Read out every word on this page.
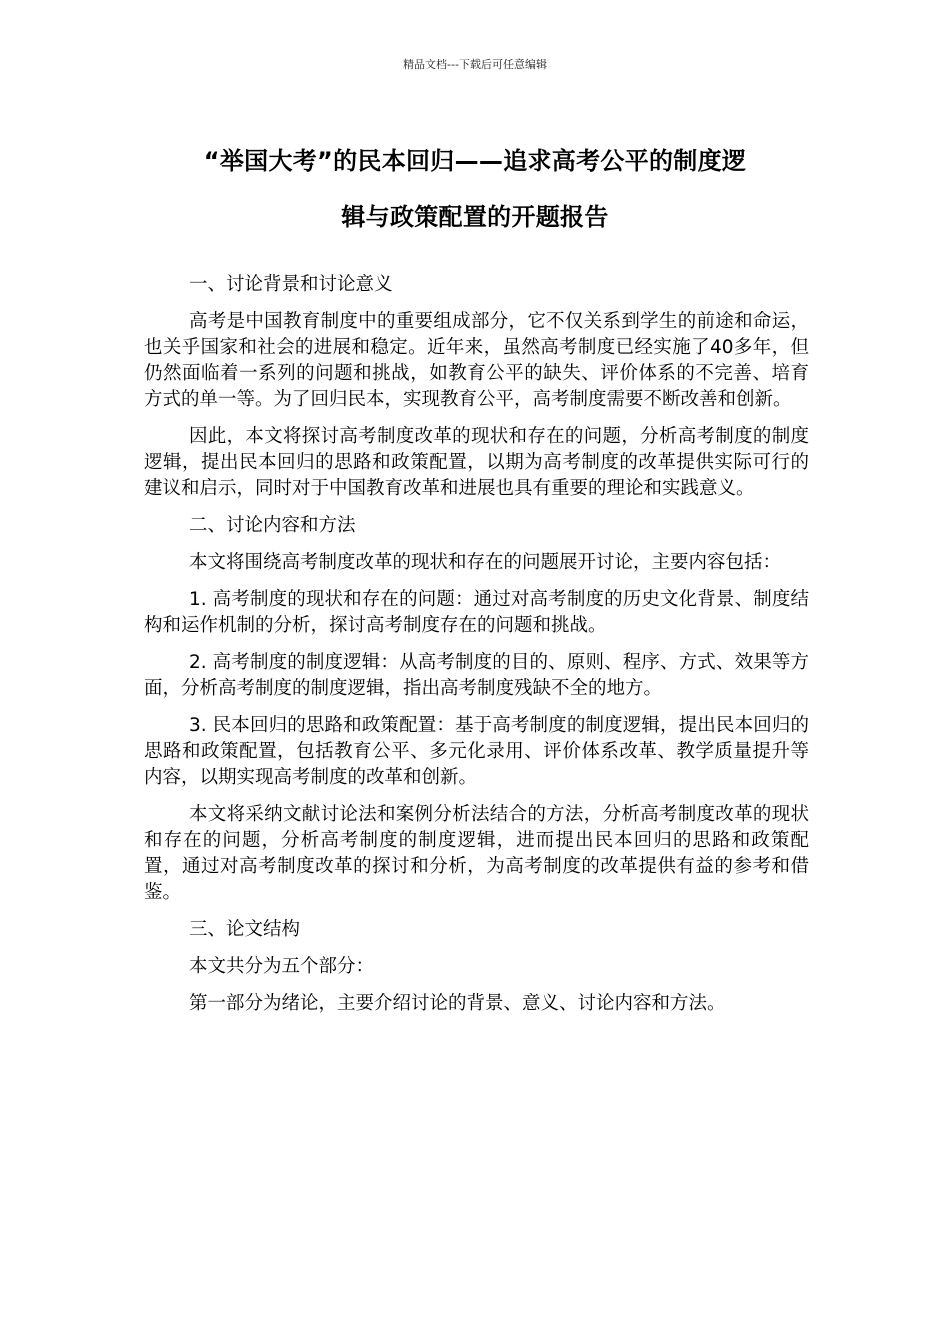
精品文档---下载后可任意编辑
“举国大考”的民本回归——追求高考公平的制度逻
辑与政策配置的开题报告
一、讨论背景和讨论意义
高考是中国教育制度中的重要组成部分，它不仅关系到学生的前途和命运，也关乎国家和社会的进展和稳定。近年来，虽然高考制度已经实施了40多年，但仍然面临着一系列的问题和挑战，如教育公平的缺失、评价体系的不完善、培育方式的单一等。为了回归民本，实现教育公平，高考制度需要不断改善和创新。
因此，本文将探讨高考制度改革的现状和存在的问题，分析高考制度的制度逻辑，提出民本回归的思路和政策配置，以期为高考制度的改革提供实际可行的建议和启示，同时对于中国教育改革和进展也具有重要的理论和实践意义。
二、讨论内容和方法
本文将围绕高考制度改革的现状和存在的问题展开讨论，主要内容包括：
1. 高考制度的现状和存在的问题：通过对高考制度的历史文化背景、制度结构和运作机制的分析，探讨高考制度存在的问题和挑战。
2. 高考制度的制度逻辑：从高考制度的目的、原则、程序、方式、效果等方面，分析高考制度的制度逻辑，指出高考制度残缺不全的地方。
3. 民本回归的思路和政策配置：基于高考制度的制度逻辑，提出民本回归的思路和政策配置，包括教育公平、多元化录用、评价体系改革、教学质量提升等内容，以期实现高考制度的改革和创新。
本文将采纳文献讨论法和案例分析法结合的方法，分析高考制度改革的现状和存在的问题，分析高考制度的制度逻辑，进而提出民本回归的思路和政策配置，通过对高考制度改革的探讨和分析，为高考制度的改革提供有益的参考和借鉴。
三、论文结构
本文共分为五个部分：
第一部分为绪论，主要介绍讨论的背景、意义、讨论内容和方法。
